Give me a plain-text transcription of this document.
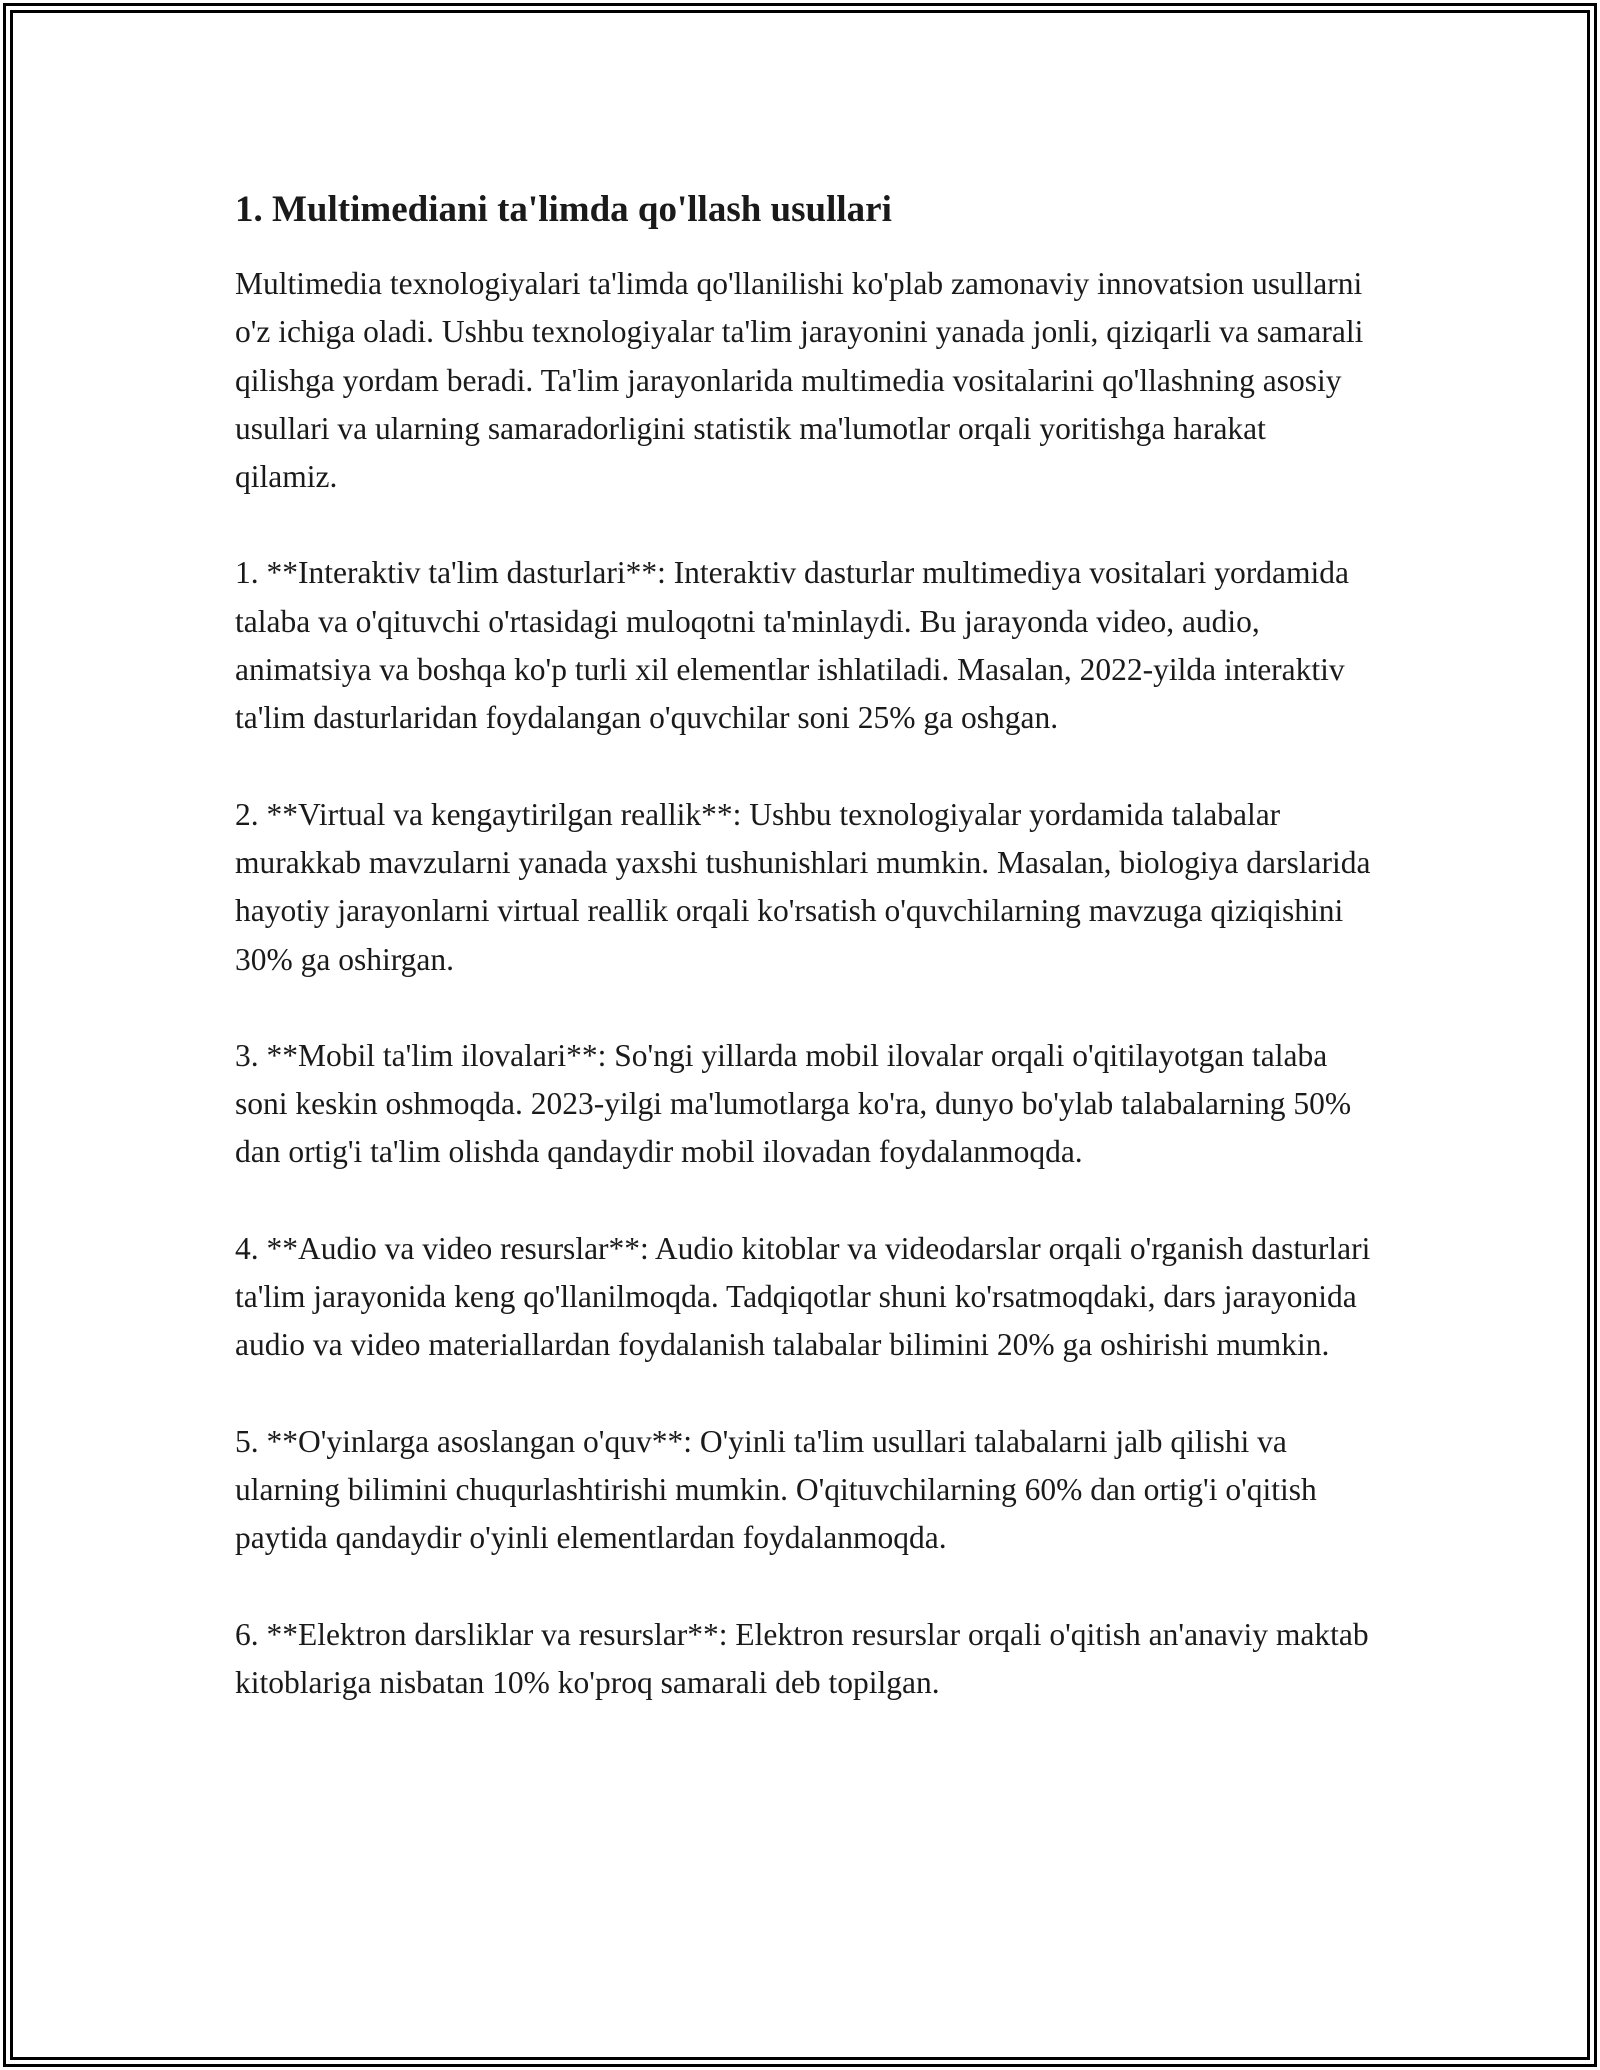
1. Multimediani ta'limda qo'llash usullari

Multimedia texnologiyalari ta'limda qo'llanilishi ko'plab zamonaviy innovatsion usullarni o'z ichiga oladi. Ushbu texnologiyalar ta'lim jarayonini yanada jonli, qiziqarli va samarali qilishga yordam beradi. Ta'lim jarayonlarida multimedia vositalarini qo'llashning asosiy usullari va ularning samaradorligini statistik ma'lumotlar orqali yoritishga harakat qilamiz.

1. **Interaktiv ta'lim dasturlari**: Interaktiv dasturlar multimediya vositalari yordamida talaba va o'qituvchi o'rtasidagi muloqotni ta'minlaydi. Bu jarayonda video, audio, animatsiya va boshqa ko'p turli xil elementlar ishlatiladi. Masalan, 2022-yilda interaktiv ta'lim dasturlaridan foydalangan o'quvchilar soni 25% ga oshgan.

2. **Virtual va kengaytirilgan reallik**: Ushbu texnologiyalar yordamida talabalar murakkab mavzularni yanada yaxshi tushunishlari mumkin. Masalan, biologiya darslarida hayotiy jarayonlarni virtual reallik orqali ko'rsatish o'quvchilarning mavzuga qiziqishini 30% ga oshirgan.

3. **Mobil ta'lim ilovalari**: So'ngi yillarda mobil ilovalar orqali o'qitilayotgan talaba soni keskin oshmoqda. 2023-yilgi ma'lumotlarga ko'ra, dunyo bo'ylab talabalarning 50% dan ortig'i ta'lim olishda qandaydir mobil ilovadan foydalanmoqda.

4. **Audio va video resurslar**: Audio kitoblar va videodarslar orqali o'rganish dasturlari ta'lim jarayonida keng qo'llanilmoqda. Tadqiqotlar shuni ko'rsatmoqdaki, dars jarayonida audio va video materiallardan foydalanish talabalar bilimini 20% ga oshirishi mumkin.

5. **O'yinlarga asoslangan o'quv**: O'yinli ta'lim usullari talabalarni jalb qilishi va ularning bilimini chuqurlashtirishi mumkin. O'qituvchilarning 60% dan ortig'i o'qitish paytida qandaydir o'yinli elementlardan foydalanmoqda.

6. **Elektron darsliklar va resurslar**: Elektron resurslar orqali o'qitish an'anaviy maktab kitoblariga nisbatan 10% ko'proq samarali deb topilgan.
